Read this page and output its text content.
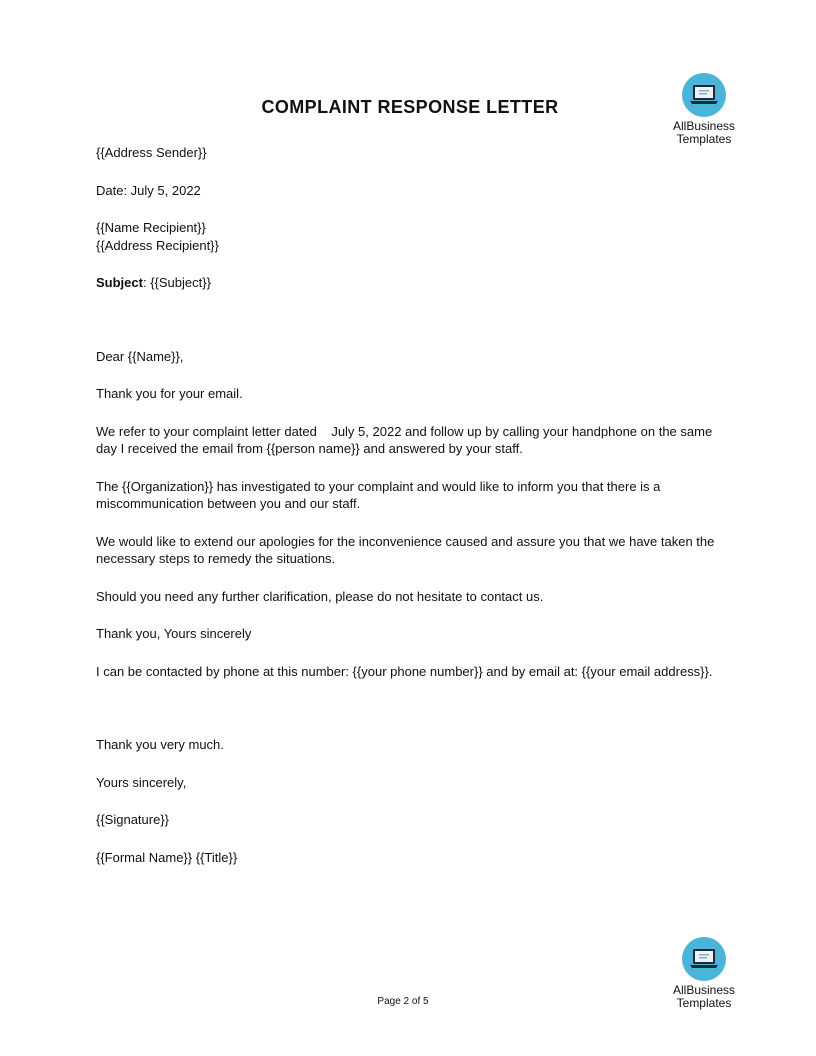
COMPLAINT RESPONSE LETTER
AllBusiness
Templates

{{Address Sender}}

Date: July 5, 2022

{{Name Recipient}}

{{Address Recipient}}

Subject: {{Subject}}

Dear {{Name}},

Thank you for your email.

We refer to your complaint letter dated    July 5, 2022 and follow up by calling your handphone on the same day I received the email from {{person name}} and answered by your staff.

The {{Organization}} has investigated to your complaint and would like to inform you that there is a miscommunication between you and our staff.

We would like to extend our apologies for the inconvenience caused and assure you that we have taken the necessary steps to remedy the situations.

Should you need any further clarification, please do not hesitate to contact us.

Thank you, Yours sincerely

I can be contacted by phone at this number: {{your phone number}} and by email at: {{your email address}}.

Thank you very much.

Yours sincerely,

{{Signature}}

{{Formal Name}} {{Title}}

AllBusiness
Templates
Page 2 of 5
